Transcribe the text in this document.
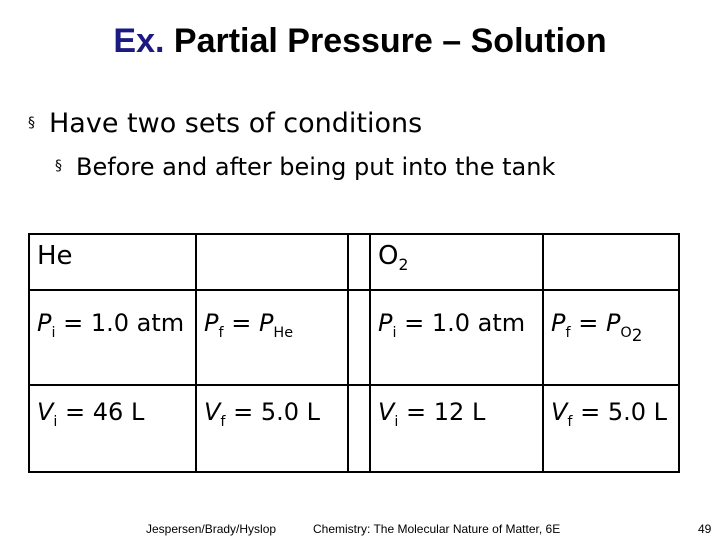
Ex. Partial Pressure – Solution
§ Have two sets of conditions
§ Before and after being put into the tank
He			$O_2$	
$P_i = 1.0$ atm	$P_f = P_{He}$		$P_i = 1.0$ atm	$P_f = P_{O2}$
$V_i = 46$ L	$V_f = 5.0$ L		$V_i = 12$ L	$V_f = 5.0$ L
Jespersen/Brady/Hyslop	Chemistry: The Molecular Nature of Matter, 6E	49
